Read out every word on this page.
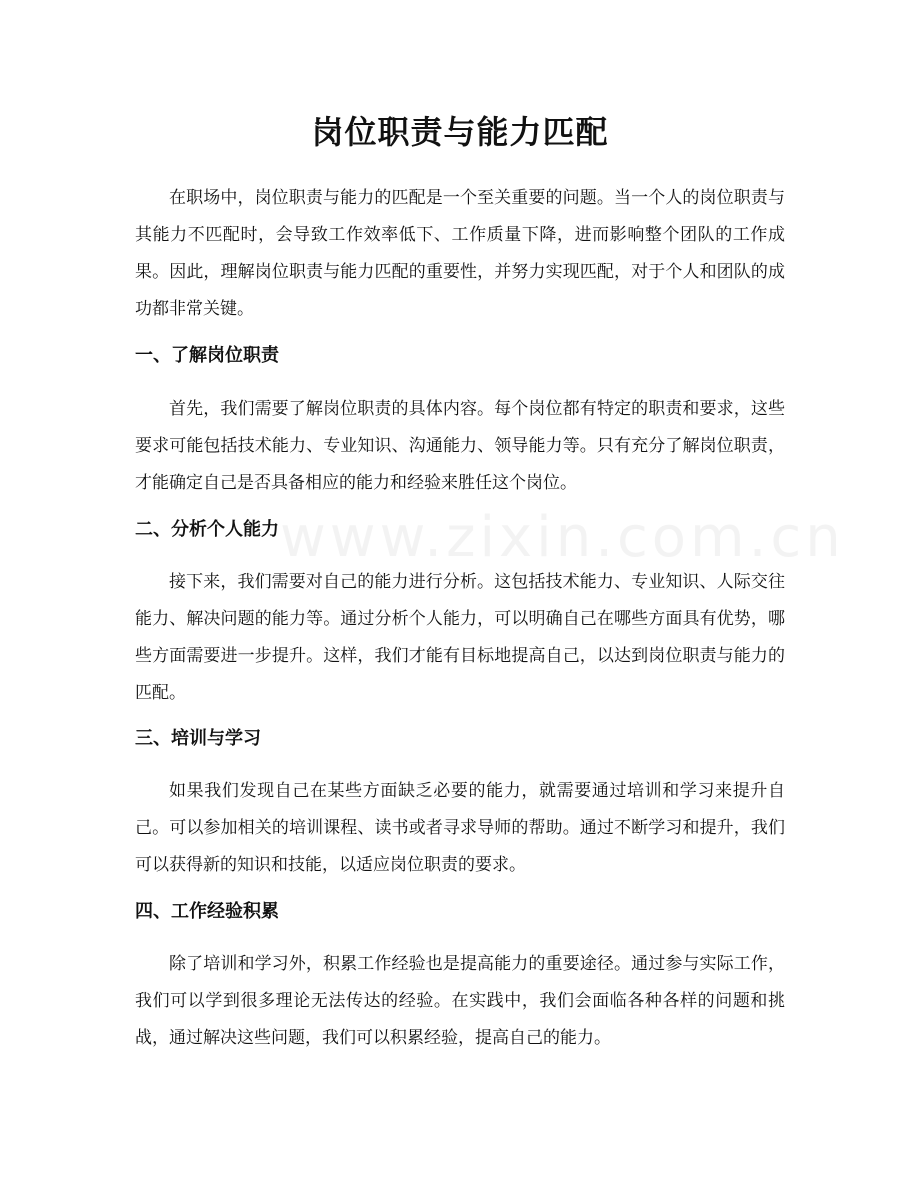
岗位职责与能力匹配

在职场中，岗位职责与能力的匹配是一个至关重要的问题。当一个人的岗位职责与其能力不匹配时，会导致工作效率低下、工作质量下降，进而影响整个团队的工作成果。因此，理解岗位职责与能力匹配的重要性，并努力实现匹配，对于个人和团队的成功都非常关键。

一、了解岗位职责

首先，我们需要了解岗位职责的具体内容。每个岗位都有特定的职责和要求，这些要求可能包括技术能力、专业知识、沟通能力、领导能力等。只有充分了解岗位职责，才能确定自己是否具备相应的能力和经验来胜任这个岗位。

二、分析个人能力

接下来，我们需要对自己的能力进行分析。这包括技术能力、专业知识、人际交往能力、解决问题的能力等。通过分析个人能力，可以明确自己在哪些方面具有优势，哪些方面需要进一步提升。这样，我们才能有目标地提高自己，以达到岗位职责与能力的匹配。

三、培训与学习

如果我们发现自己在某些方面缺乏必要的能力，就需要通过培训和学习来提升自己。可以参加相关的培训课程、读书或者寻求导师的帮助。通过不断学习和提升，我们可以获得新的知识和技能，以适应岗位职责的要求。

四、工作经验积累

除了培训和学习外，积累工作经验也是提高能力的重要途径。通过参与实际工作，我们可以学到很多理论无法传达的经验。在实践中，我们会面临各种各样的问题和挑战，通过解决这些问题，我们可以积累经验，提高自己的能力。

www.zixin.com.cn
